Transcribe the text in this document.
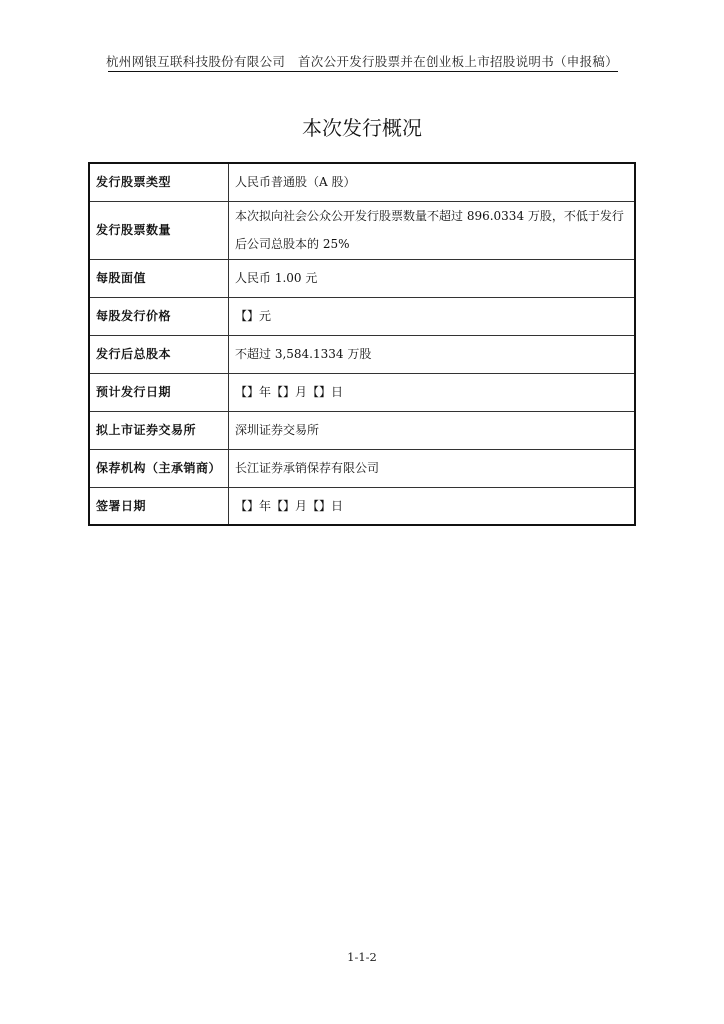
杭州网银互联科技股份有限公司 首次公开发行股票并在创业板上市招股说明书（申报稿）
本次发行概况
发行股票类型	人民币普通股（A 股）
发行股票数量	本次拟向社会公众公开发行股票数量不超过 896.0334 万股，不低于发行后公司总股本的 25%
每股面值	人民币 1.00 元
每股发行价格	【】元
发行后总股本	不超过 3,584.1334 万股
预计发行日期	【】年【】月【】日
拟上市证券交易所	深圳证券交易所
保荐机构（主承销商）	长江证券承销保荐有限公司
签署日期	【】年【】月【】日
1-1-2
